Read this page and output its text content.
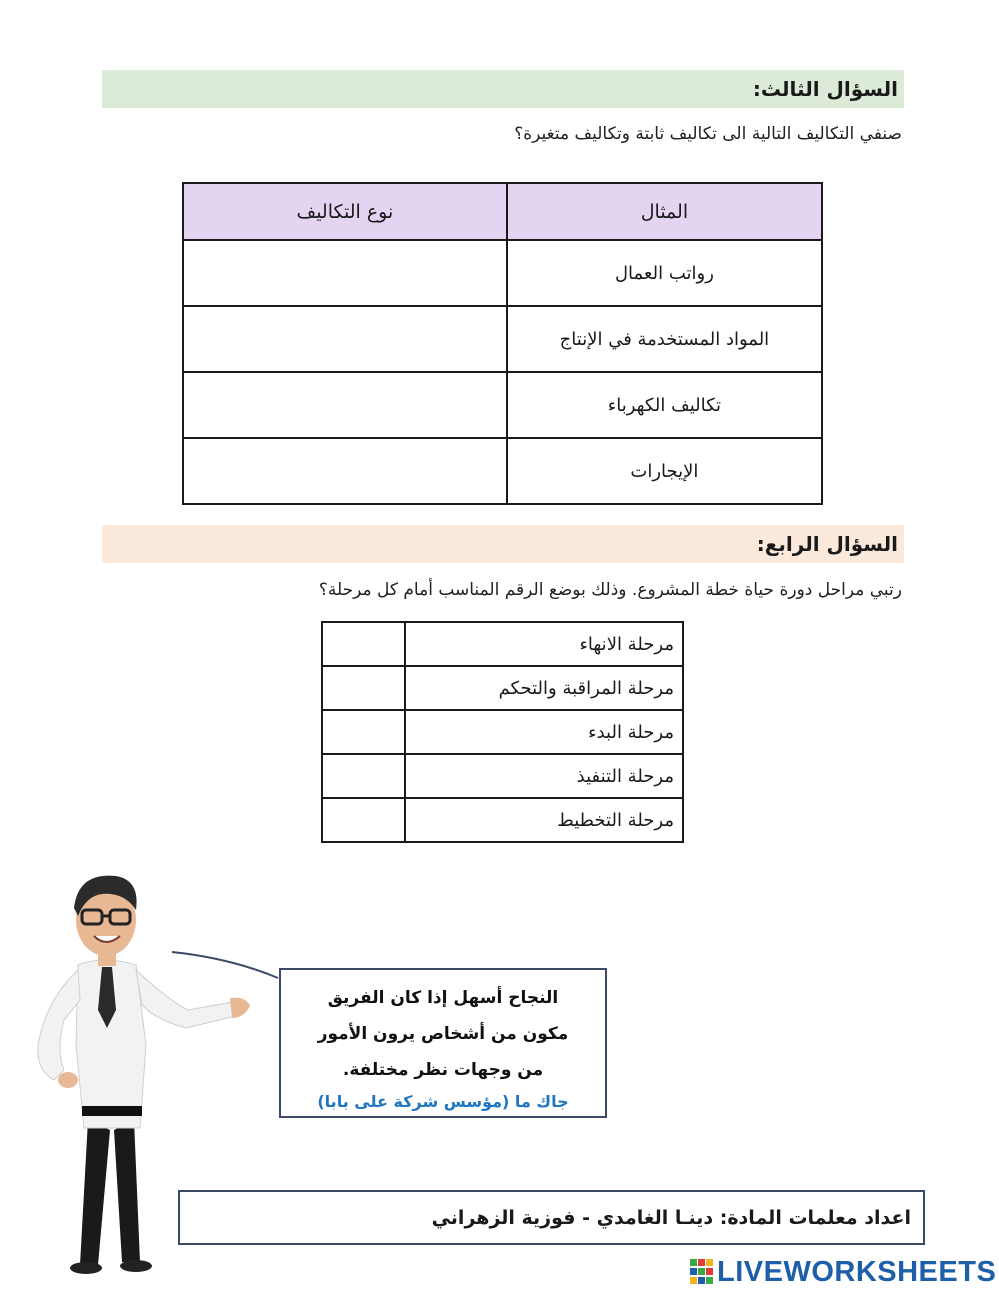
السؤال الثالث:
صنفي التكاليف التالية الى تكاليف ثابتة وتكاليف متغيرة؟
المثال	نوع التكاليف
رواتب العمال	
المواد المستخدمة في الإنتاج	
تكاليف الكهرباء	
الإيجارات	
السؤال الرابع:
رتبي مراحل دورة حياة خطة المشروع. وذلك بوضع الرقم المناسب أمام كل مرحلة؟
مرحلة الانهاء	
مرحلة المراقبة والتحكم	
مرحلة البدء	
مرحلة التنفيذ	
مرحلة التخطيط	
النجاح أسهل إذا كان الفريق
مكون من أشخاص يرون الأمور
من وجهات نظر مختلفة.
جاك ما (مؤسس شركة على بابا)
اعداد معلمات المادة: دينـا الغامدي - فوزية الزهراني
LIVEWORKSHEETS
